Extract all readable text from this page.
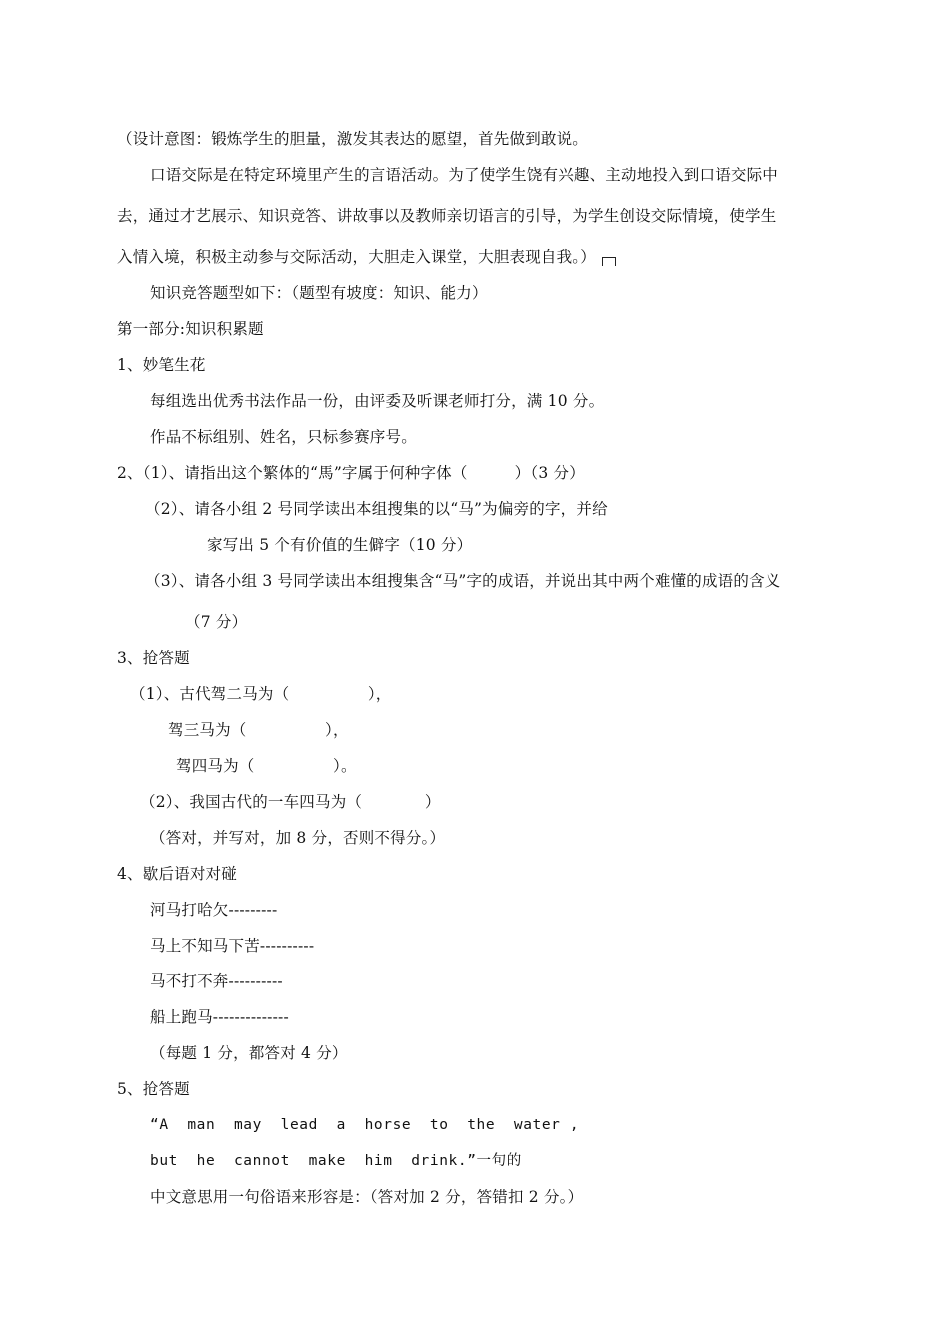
（设计意图：锻炼学生的胆量，激发其表达的愿望，首先做到敢说。
口语交际是在特定环境里产生的言语活动。为了使学生饶有兴趣、主动地投入到口语交际中
去，通过才艺展示、知识竞答、讲故事以及教师亲切语言的引导，为学生创设交际情境，使学生
入情入境，积极主动参与交际活动，大胆走入课堂，大胆表现自我。）
知识竞答题型如下：（题型有坡度：知识、能力）
第一部分:知识积累题
1、妙笔生花
每组选出优秀书法作品一份，由评委及听课老师打分，满 10 分。
作品不标组别、姓名，只标参赛序号。
2、（1）、请指出这个繁体的“馬”字属于何种字体（　　　）（3 分）
（2）、请各小组 2 号同学读出本组搜集的以“马”为偏旁的字，并给
家写出 5 个有价值的生僻字（10 分）
（3）、请各小组 3 号同学读出本组搜集含“马”字的成语，并说出其中两个难懂的成语的含义
（7 分）
3、抢答题
（1）、古代驾二马为（　　　　　），
驾三马为（　　　　　），
驾四马为（　　　　　）。
（2）、我国古代的一车四马为（　　　　）
（答对，并写对，加 8 分，否则不得分。）
4、歇后语对对碰
河马打哈欠---------
马上不知马下苦----------
马不打不奔----------
船上跑马--------------
（每题 1 分，都答对 4 分）
5、抢答题
“A  man  may  lead  a  horse  to  the  water ,
but  he  cannot  make  him  drink.”一句的
中文意思用一句俗语来形容是：（答对加 2 分，答错扣 2 分。）
